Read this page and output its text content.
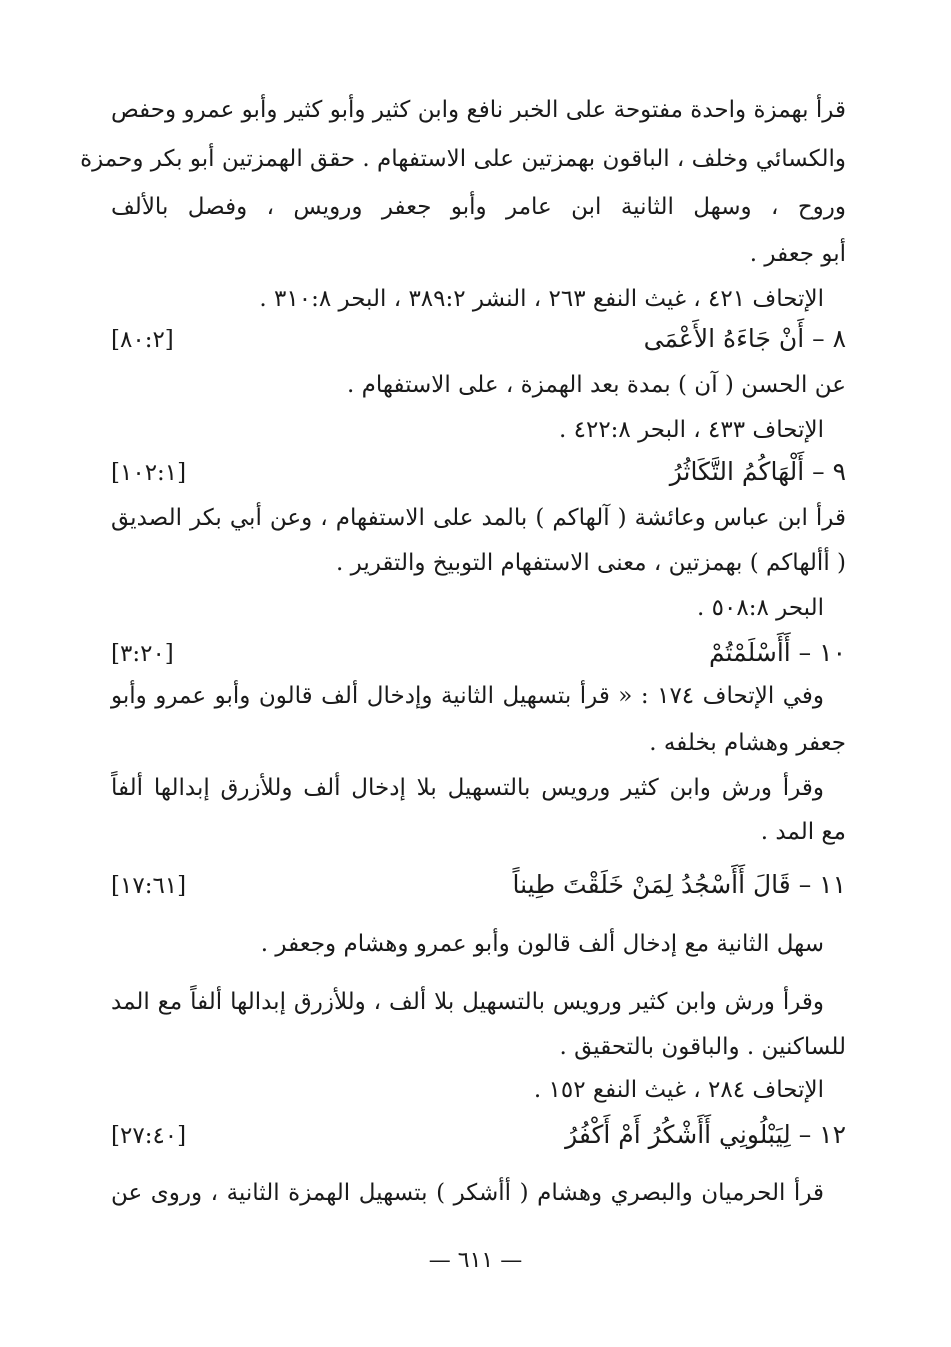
قرأ بهمزة واحدة مفتوحة على الخبر نافع وابن كثير وأبو كثير وأبو عمرو وحفص
والكسائي وخلف ، الباقون بهمزتين على الاستفهام . حقق الهمزتين أبو بكر وحمزة
وروح ، وسهل الثانية ابن عامر وأبو جعفر ورويس ، وفصل بالألف
أبو جعفر .
الإتحاف ٤٢١ ، غيث النفع ٢٦٣ ، النشر ٣٨٩:٢ ، البحر ٣١٠:٨ .
٨ – أَنْ جَاءَهُ الأَعْمَى
[٨٠:٢]
عن الحسن ( آن ) بمدة بعد الهمزة ، على الاستفهام .
الإتحاف ٤٣٣ ، البحر ٤٢٢:٨ .
٩ – أَلْهَاكُمُ التَّكَاثُرُ
[١٠٢:١]
قرأ ابن عباس وعائشة ( آلهاكم ) بالمد على الاستفهام ، وعن أبي بكر الصديق
( أألهاكم ) بهمزتين ، معنى الاستفهام التوبيخ والتقرير .
البحر ٥٠٨:٨ .
١٠ – أَأَسْلَمْتُمْ
[٣:٢٠]
وفي الإتحاف ١٧٤ : « قرأ بتسهيل الثانية وإدخال ألف قالون وأبو عمرو وأبو
جعفر وهشام بخلفه .
وقرأ ورش وابن كثير ورويس بالتسهيل بلا إدخال ألف وللأزرق إبدالها ألفاً
مع المد .
١١ – قَالَ أَأَسْجُدُ لِمَنْ خَلَقْتَ طِيناً
[١٧:٦١]
سهل الثانية مع إدخال ألف قالون وأبو عمرو وهشام وجعفر .
وقرأ ورش وابن كثير ورويس بالتسهيل بلا ألف ، وللأزرق إبدالها ألفاً مع المد
للساكنين . والباقون بالتحقيق .
الإتحاف ٢٨٤ ، غيث النفع ١٥٢ .
١٢ – لِيَبْلُونِي أَأَشْكُرُ أَمْ أَكْفُرُ
[٢٧:٤٠]
قرأ الحرميان والبصري وهشام ( أأشكر ) بتسهيل الهمزة الثانية ، وروى عن
— ٦١١ —
